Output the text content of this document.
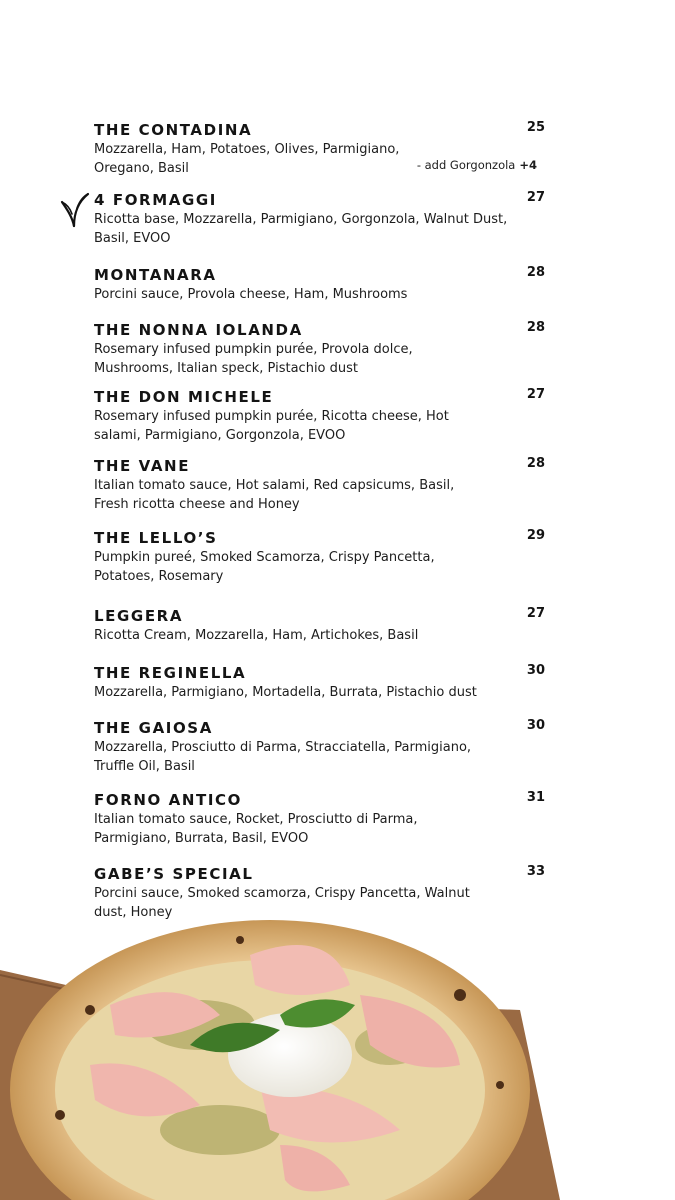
THE CONTADINA
Mozzarella, Ham, Potatoes, Olives, Parmigiano, Oregano, Basil
25
- add Gorgonzola +4
4 FORMAGGI
Ricotta base, Mozzarella, Parmigiano, Gorgonzola, Walnut Dust, Basil, EVOO
27
MONTANARA
Porcini sauce, Provola cheese, Ham, Mushrooms
28
THE NONNA IOLANDA
Rosemary infused pumpkin purée, Provola dolce, Mushrooms, Italian speck, Pistachio dust
28
THE DON MICHELE
Rosemary infused pumpkin purée, Ricotta cheese, Hot salami, Parmigiano, Gorgonzola, EVOO
27
THE VANE
Italian tomato sauce, Hot salami, Red capsicums, Basil, Fresh ricotta cheese and Honey
28
THE LELLO’S
Pumpkin pureé, Smoked Scamorza, Crispy Pancetta, Potatoes, Rosemary
29
LEGGERA
Ricotta Cream, Mozzarella, Ham, Artichokes, Basil
27
THE REGINELLA
Mozzarella, Parmigiano, Mortadella, Burrata, Pistachio dust
30
THE GAIOSA
Mozzarella, Prosciutto di Parma, Stracciatella, Parmigiano, Truffle Oil, Basil
30
FORNO ANTICO
Italian tomato sauce, Rocket, Prosciutto di Parma, Parmigiano, Burrata, Basil, EVOO
31
GABE’S SPECIAL
Porcini sauce, Smoked scamorza, Crispy Pancetta, Walnut dust, Honey
33
